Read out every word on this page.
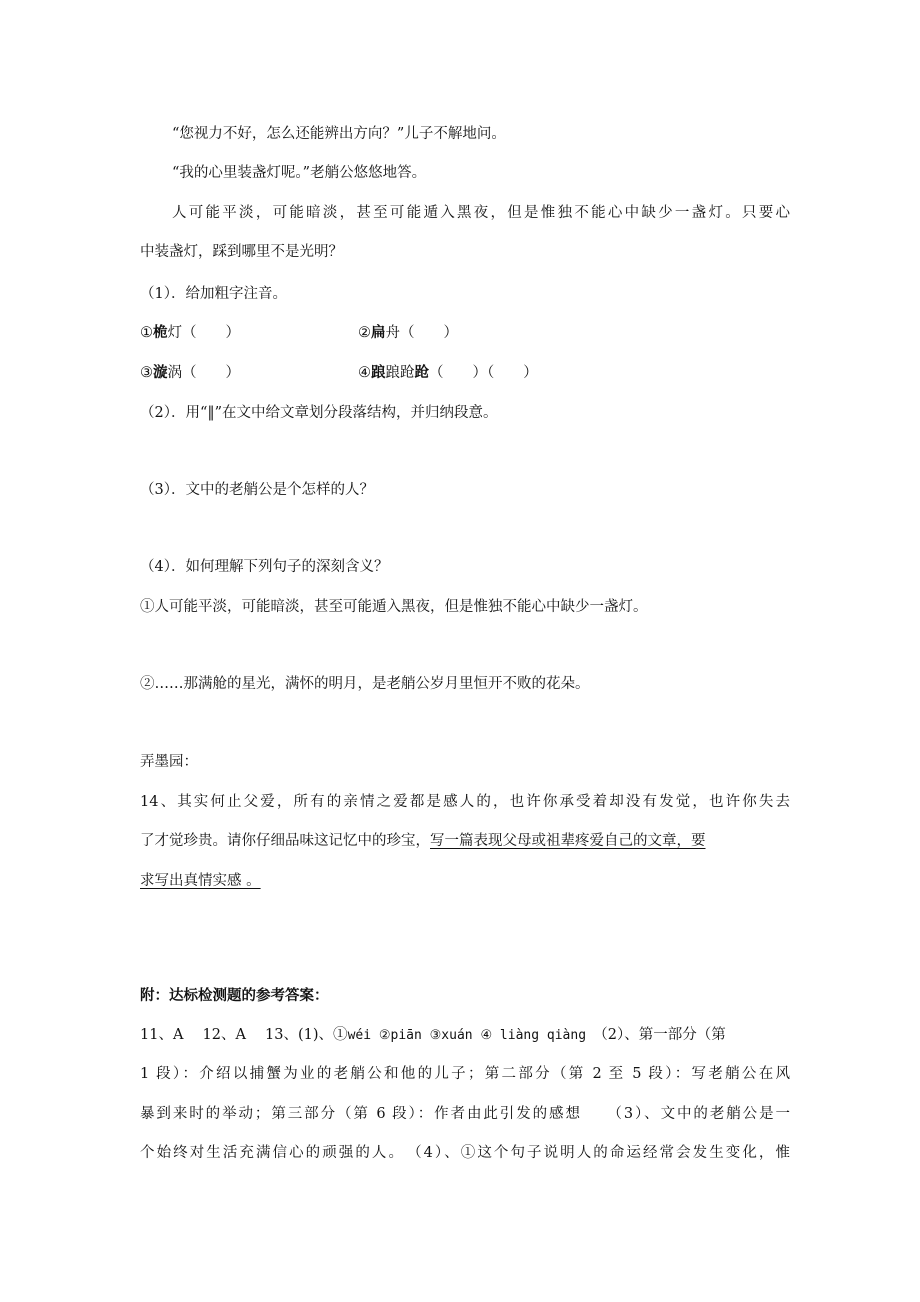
“您视力不好，怎么还能辨出方向？”儿子不解地问。
“我的心里装盏灯呢。”老艄公悠悠地答。
人可能平淡，可能暗淡，甚至可能遁入黑夜，但是惟独不能心中缺少一盏灯。只要心
中装盏灯，踩到哪里不是光明？
（1）．给加粗字注音。
①桅灯（　　）	②扁舟（　　）
③漩涡（　　）	④踉踉跄跄（　　）（　　）
（2）．用“‖”在文中给文章划分段落结构，并归纳段意。
（3）．文中的老艄公是个怎样的人？
（4）．如何理解下列句子的深刻含义？
①人可能平淡，可能暗淡，甚至可能遁入黑夜，但是惟独不能心中缺少一盏灯。
②……那满舱的星光，满怀的明月，是老艄公岁月里恒开不败的花朵。
弄墨园：
14、其实何止父爱，所有的亲情之爱都是感人的，也许你承受着却没有发觉，也许你失去
了才觉珍贵。请你仔细品味这记忆中的珍宝，写一篇表现父母或祖辈疼爱自己的文章，要
求写出真情实感 。
附：达标检测题的参考答案：
11、A　 12、A　 13、(1)、①wéi ②piān ③xuán ④ liàng qiàng　 （2）、第一部分（第
1 段）：介绍以捕蟹为业的老艄公和他的儿子；第二部分（第 2 至 5 段）：写老艄公在风
暴到来时的举动；第三部分（第 6 段）：作者由此引发的感想　　（3）、文中的老艄公是一
个始终对生活充满信心的顽强的人。　（4）、①这个句子说明人的命运经常会发生变化，惟
